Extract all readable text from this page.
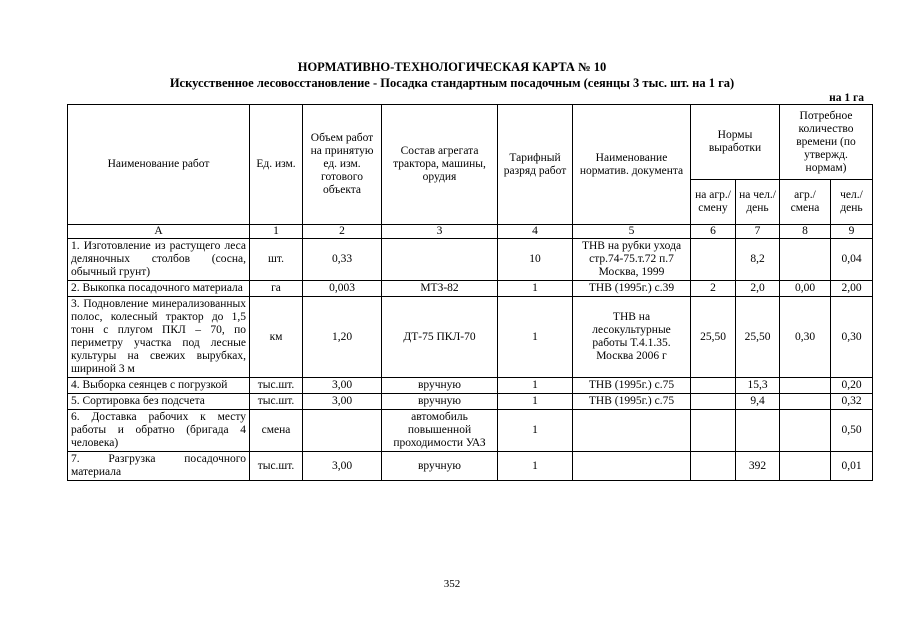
НОРМАТИВНО-ТЕХНОЛОГИЧЕСКАЯ КАРТА № 10
Искусственное лесовосстановление - Посадка стандартным посадочным (сеянцы 3 тыс. шт. на 1 га)
на 1 га
Наименование работ	Ед. изм.	Объем работ на принятую ед. изм. готового объекта	Состав агрегата трактора, машины, орудия	Тарифный разряд работ	Наименование норматив. документа	Нормы выработки		Потребное количество времени (по утвержд. нормам)	
						на агр./ смену	на чел./ день	агр./ смена	чел./ день
А	1	2	3	4	5	6	7	8	9
1. Изготовление из растущего леса деляночных столбов (сосна, обычный грунт)	шт.	0,33		10	ТНВ на рубки ухода стр.74-75.т.72 п.7 Москва, 1999		8,2		0,04
2. Выкопка посадочного материала	га	0,003	МТЗ-82	1	ТНВ (1995г.) с.39	2	2,0	0,00	2,00
3. Подновление минерализованных полос, колесный трактор до 1,5 тонн с плугом ПКЛ – 70, по периметру участка под лесные культуры на свежих вырубках, шириной 3 м	км	1,20	ДТ-75 ПКЛ-70	1	ТНВ на лесокультурные работы Т.4.1.35. Москва 2006 г	25,50	25,50	0,30	0,30
4. Выборка сеянцев с погрузкой	тыс.шт.	3,00	вручную	1	ТНВ (1995г.) с.75		15,3		0,20
5. Сортировка без подсчета	тыс.шт.	3,00	вручную	1	ТНВ (1995г.) с.75		9,4		0,32
6. Доставка рабочих к месту работы и обратно (бригада 4 человека)	смена		автомобиль повышенной проходимости УАЗ	1					0,50
7. Разгрузка посадочного материала	тыс.шт.	3,00	вручную	1			392		0,01
352
